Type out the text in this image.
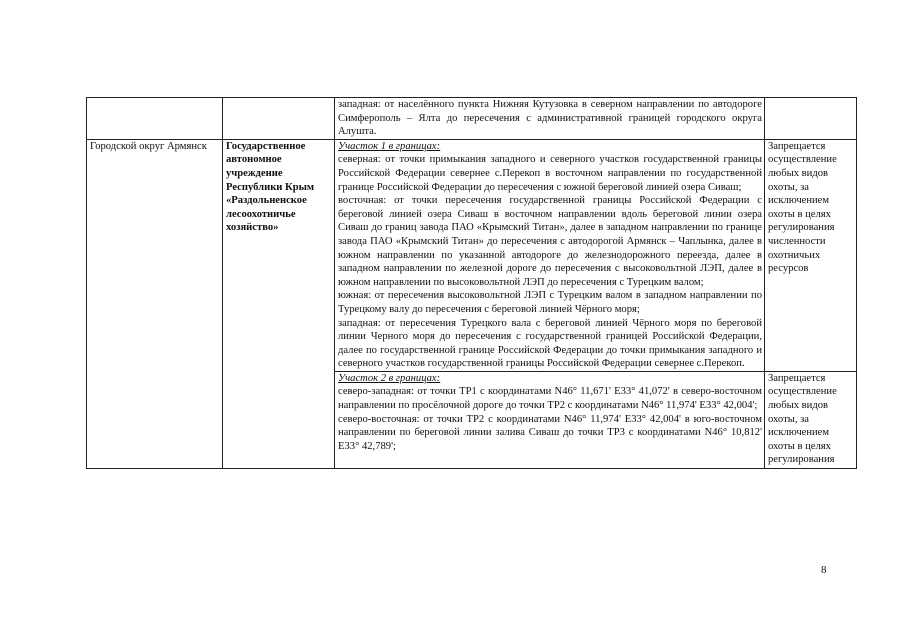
		западная: от населённого пункта Нижняя Кутузовка в северном направлении по автодороге Симферополь – Ялта до пересечения с административной границей городского округа Алушта.	
Городской округ Армянск	Государственное автономное учреждение Республики Крым «Раздольненское лесоохотничье хозяйство»	Участок 1 в границах:
северная: от точки примыкания западного и северного участков государственной границы Российской Федерации севернее с.Перекоп в восточном направлении по государственной границе Российской Федерации до пересечения с южной береговой линией озера Сиваш;
восточная: от точки пересечения государственной границы Российской Федерации с береговой линией озера Сиваш в восточном направлении вдоль береговой линии озера Сиваш до границ завода ПАО «Крымский Титан», далее в западном направлении по границе завода ПАО «Крымский Титан» до пересечения с автодорогой Армянск – Чаплынка, далее в южном направлении по указанной автодороге до железнодорожного переезда, далее в западном направлении по железной дороге до пересечения с высоковольтной ЛЭП, далее в южном направлении по высоковольтной ЛЭП до пересечения с Турецким валом;
южная: от пересечения высоковольтной ЛЭП с Турецким валом в западном направлении по Турецкому валу до пересечения с береговой линией Чёрного моря;
западная: от пересечения Турецкого вала с береговой линией Чёрного моря по береговой линии Черного моря до пересечения с государственной границей Российской Федерации, далее по государственной границе Российской Федерации до точки примыкания западного и северного участков государственной границы Российской Федерации севернее с.Перекоп.	Запрещается осуществление любых видов охоты, за исключением охоты в целях регулирования численности охотничьих ресурсов

		Участок 2 в границах:
северо-западная: от точки ТР1 с координатами N46° 11,671' E33° 41,072' в северо-восточном направлении по просёлочной дороге до точки ТР2 с координатами N46° 11,974' E33° 42,004';
северо-восточная: от точки ТР2 с координатами N46° 11,974' E33° 42,004' в юго-восточном направлении по береговой линии залива Сиваш до точки ТР3 с координатами N46° 10,812' E33° 42,789';	Запрещается осуществление любых видов охоты, за исключением охоты в целях регулирования
8
